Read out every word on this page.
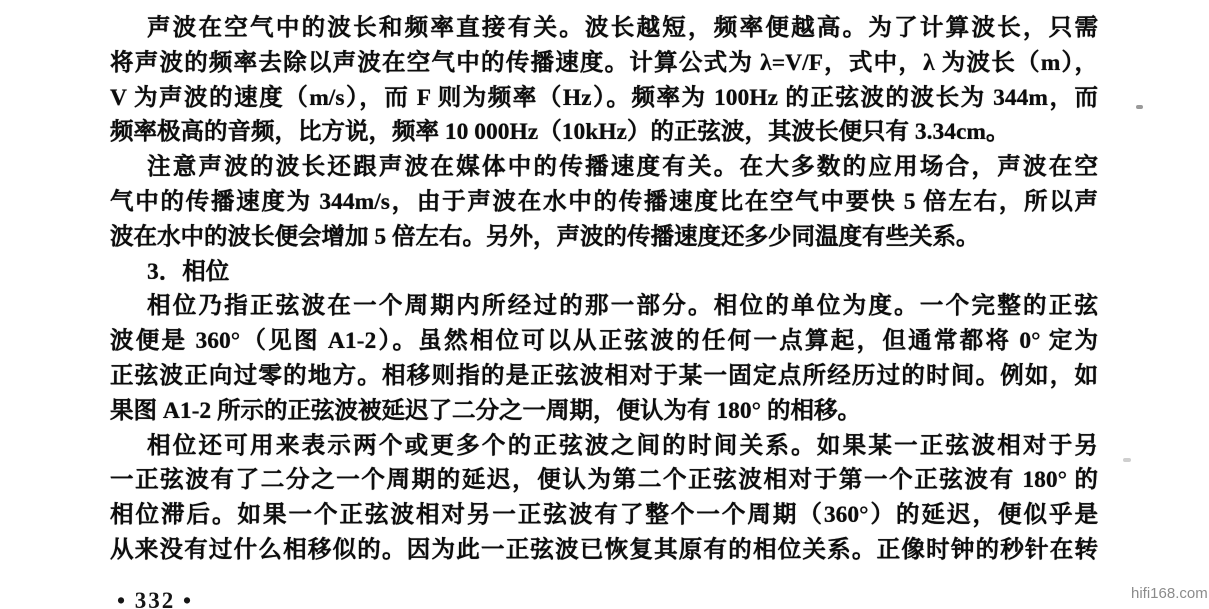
声波在空气中的波长和频率直接有关。波长越短，频率便越高。为了计算波长，只需
将声波的频率去除以声波在空气中的传播速度。计算公式为 λ=V/F，式中，λ 为波长（m），
V 为声波的速度（m/s），而 F 则为频率（Hz）。频率为 100Hz 的正弦波的波长为 344m，而
频率极高的音频，比方说，频率 10 000Hz（10kHz）的正弦波，其波长便只有 3.34cm。
注意声波的波长还跟声波在媒体中的传播速度有关。在大多数的应用场合，声波在空
气中的传播速度为 344m/s，由于声波在水中的传播速度比在空气中要快 5 倍左右，所以声
波在水中的波长便会增加 5 倍左右。另外，声波的传播速度还多少同温度有些关系。
3．相位
相位乃指正弦波在一个周期内所经过的那一部分。相位的单位为度。一个完整的正弦
波便是 360°（见图 A1-2）。虽然相位可以从正弦波的任何一点算起，但通常都将 0° 定为
正弦波正向过零的地方。相移则指的是正弦波相对于某一固定点所经历过的时间。例如，如
果图 A1-2 所示的正弦波被延迟了二分之一周期，便认为有 180° 的相移。
相位还可用来表示两个或更多个的正弦波之间的时间关系。如果某一正弦波相对于另
一正弦波有了二分之一个周期的延迟，便认为第二个正弦波相对于第一个正弦波有 180° 的
相位滞后。如果一个正弦波相对另一正弦波有了整个一个周期（360°）的延迟，便似乎是
从来没有过什么相移似的。因为此一正弦波已恢复其原有的相位关系。正像时钟的秒针在转
• 332 •	hifi168.com
